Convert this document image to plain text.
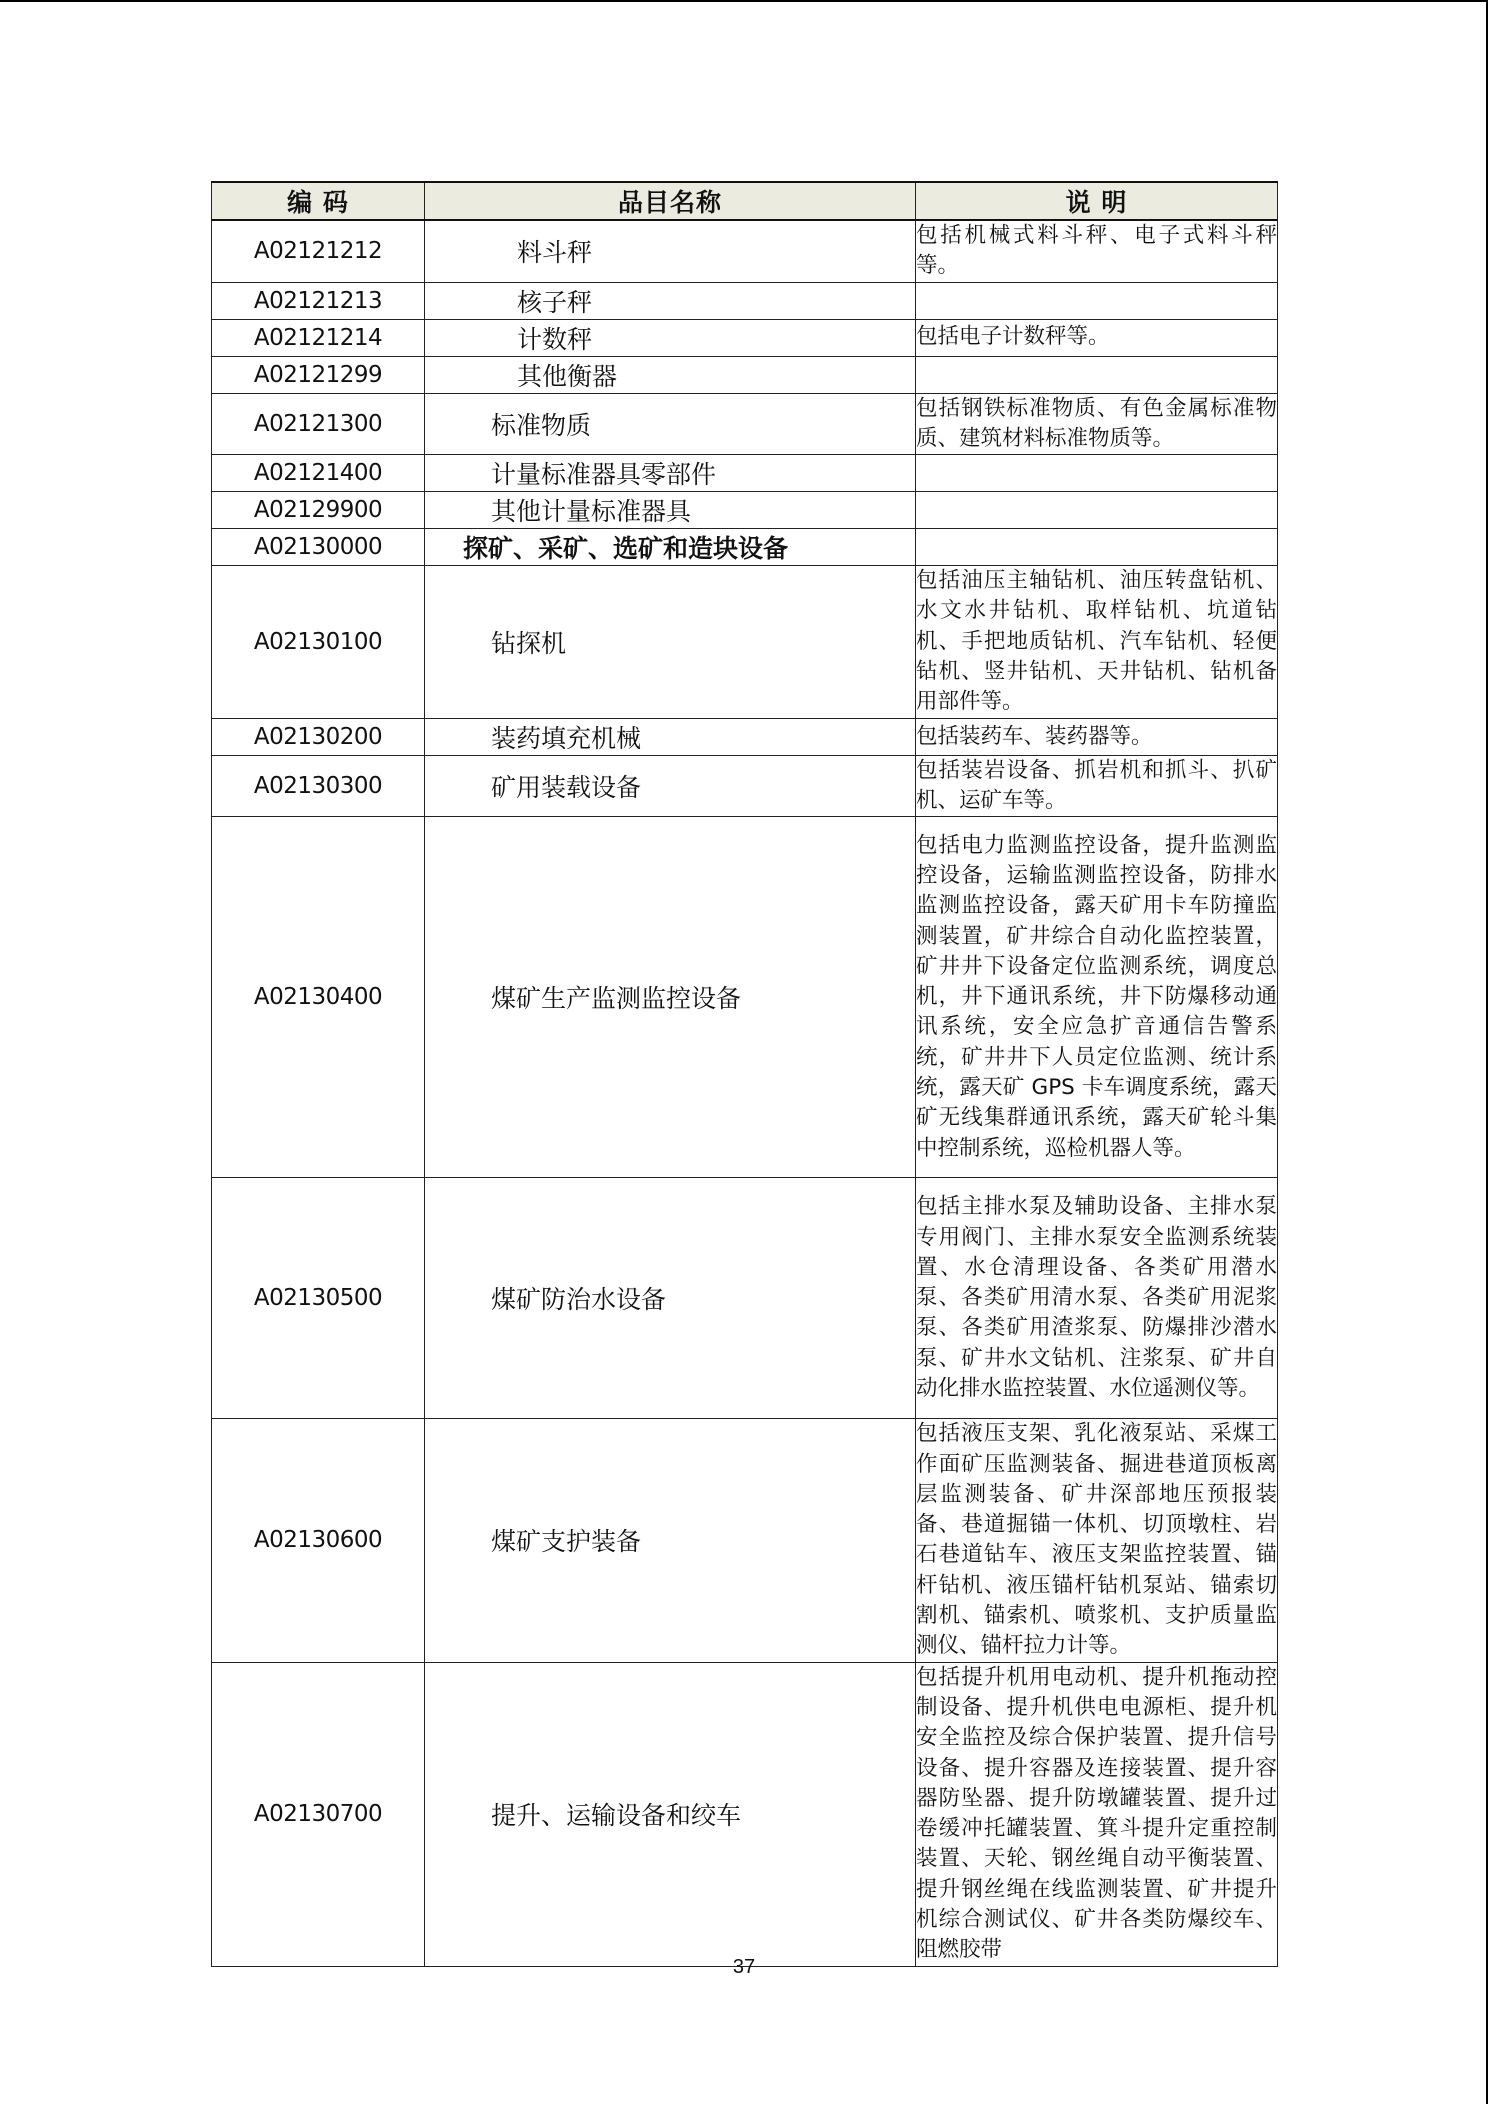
编 码	品目名称	说 明
A02121212	料斗秤	包括机械式料斗秤、电子式料斗秤等。
A02121213	核子秤	
A02121214	计数秤	包括电子计数秤等。
A02121299	其他衡器	
A02121300	标准物质	包括钢铁标准物质、有色金属标准物质、建筑材料标准物质等。
A02121400	计量标准器具零部件	
A02129900	其他计量标准器具	
A02130000	探矿、采矿、选矿和造块设备	
A02130100	钻探机	包括油压主轴钻机、油压转盘钻机、水文水井钻机、取样钻机、坑道钻机、手把地质钻机、汽车钻机、轻便钻机、竖井钻机、天井钻机、钻机备用部件等。
A02130200	装药填充机械	包括装药车、装药器等。
A02130300	矿用装载设备	包括装岩设备、抓岩机和抓斗、扒矿机、运矿车等。
A02130400	煤矿生产监测监控设备	包括电力监测监控设备，提升监测监控设备，运输监测监控设备，防排水监测监控设备，露天矿用卡车防撞监测装置，矿井综合自动化监控装置，矿井井下设备定位监测系统，调度总机，井下通讯系统，井下防爆移动通讯系统，安全应急扩音通信告警系统，矿井井下人员定位监测、统计系统，露天矿 GPS 卡车调度系统，露天矿无线集群通讯系统，露天矿轮斗集中控制系统，巡检机器人等。
A02130500	煤矿防治水设备	包括主排水泵及辅助设备、主排水泵专用阀门、主排水泵安全监测系统装置、水仓清理设备、各类矿用潜水泵、各类矿用清水泵、各类矿用泥浆泵、各类矿用渣浆泵、防爆排沙潜水泵、矿井水文钻机、注浆泵、矿井自动化排水监控装置、水位遥测仪等。
A02130600	煤矿支护装备	包括液压支架、乳化液泵站、采煤工作面矿压监测装备、掘进巷道顶板离层监测装备、矿井深部地压预报装备、巷道掘锚一体机、切顶墩柱、岩石巷道钻车、液压支架监控装置、锚杆钻机、液压锚杆钻机泵站、锚索切割机、锚索机、喷浆机、支护质量监测仪、锚杆拉力计等。
A02130700	提升、运输设备和绞车	包括提升机用电动机、提升机拖动控制设备、提升机供电电源柜、提升机安全监控及综合保护装置、提升信号设备、提升容器及连接装置、提升容器防坠器、提升防墩罐装置、提升过卷缓冲托罐装置、箕斗提升定重控制装置、天轮、钢丝绳自动平衡装置、提升钢丝绳在线监测装置、矿井提升机综合测试仪、矿井各类防爆绞车、阻燃胶带
37
